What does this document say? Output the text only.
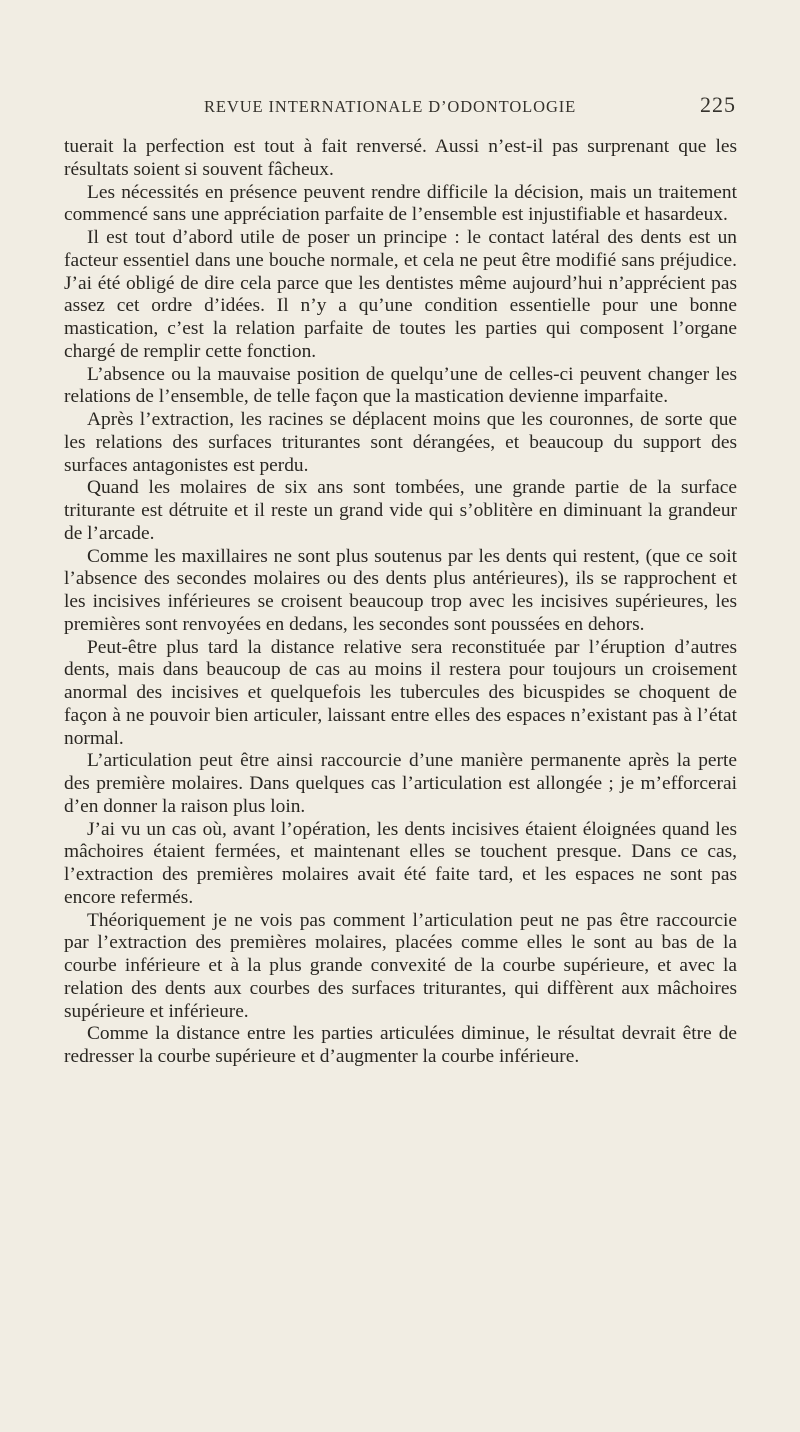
REVUE INTERNATIONALE D’ODONTOLOGIE	225

tuerait la perfection est tout à fait renversé. Aussi n’est-il pas surprenant que les résultats soient si souvent fâcheux.

Les nécessités en présence peuvent rendre difficile la décision, mais un traitement commencé sans une appréciation parfaite de l’ensemble est injustifiable et hasardeux.

Il est tout d’abord utile de poser un principe : le contact latéral des dents est un facteur essentiel dans une bouche normale, et cela ne peut être modifié sans préjudice. J’ai été obligé de dire cela parce que les dentistes même aujourd’hui n’apprécient pas assez cet ordre d’idées. Il n’y a qu’une condition essentielle pour une bonne mastication, c’est la relation parfaite de toutes les parties qui composent l’organe chargé de remplir cette fonction.

L’absence ou la mauvaise position de quelqu’une de celles-ci peuvent changer les relations de l’ensemble, de telle façon que la mastication devienne imparfaite.

Après l’extraction, les racines se déplacent moins que les couronnes, de sorte que les relations des surfaces triturantes sont dérangées, et beaucoup du support des surfaces antagonistes est perdu.

Quand les molaires de six ans sont tombées, une grande partie de la surface triturante est détruite et il reste un grand vide qui s’oblitère en diminuant la grandeur de l’arcade.

Comme les maxillaires ne sont plus soutenus par les dents qui restent, (que ce soit l’absence des secondes molaires ou des dents plus antérieures), ils se rapprochent et les incisives inférieures se croisent beaucoup trop avec les incisives supérieures, les premières sont renvoyées en dedans, les secondes sont poussées en dehors.

Peut-être plus tard la distance relative sera reconstituée par l’éruption d’autres dents, mais dans beaucoup de cas au moins il restera pour toujours un croisement anormal des incisives et quelquefois les tubercules des bicuspides se choquent de façon à ne pouvoir bien articuler, laissant entre elles des espaces n’existant pas à l’état normal.

L’articulation peut être ainsi raccourcie d’une manière permanente après la perte des première molaires. Dans quelques cas l’articulation est allongée ; je m’efforcerai d’en donner la raison plus loin.

J’ai vu un cas où, avant l’opération, les dents incisives étaient éloignées quand les mâchoires étaient fermées, et maintenant elles se touchent presque. Dans ce cas, l’extraction des premières molaires avait été faite tard, et les espaces ne sont pas encore refermés.

Théoriquement je ne vois pas comment l’articulation peut ne pas être raccourcie par l’extraction des premières molaires, placées comme elles le sont au bas de la courbe inférieure et à la plus grande convexité de la courbe supérieure, et avec la relation des dents aux courbes des surfaces triturantes, qui diffèrent aux mâchoires supérieure et inférieure.

Comme la distance entre les parties articulées diminue, le résultat devrait être de redresser la courbe supérieure et d’augmenter la courbe inférieure.
